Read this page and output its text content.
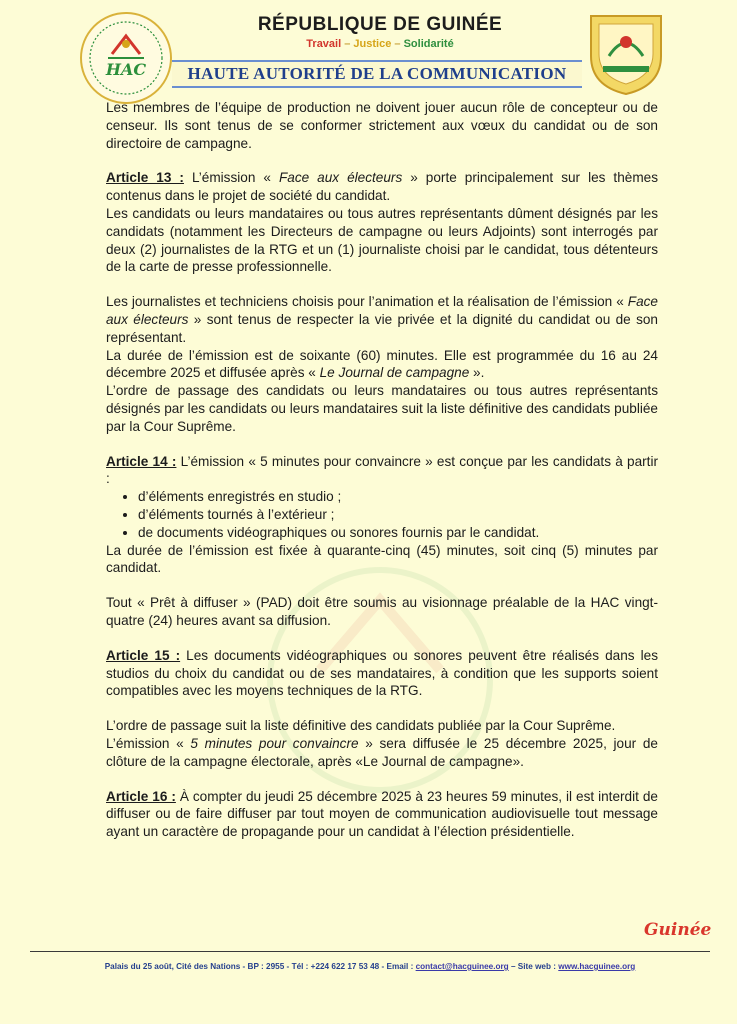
HAC
RÉPUBLIQUE DE GUINÉE
Travail – Justice – Solidarité
HAUTE AUTORITÉ DE LA COMMUNICATION

Les membres de l’équipe de production ne doivent jouer aucun rôle de concepteur ou de censeur. Ils sont tenus de se conformer strictement aux vœux du candidat ou de son directoire de campagne.

Article 13 : L’émission « Face aux électeurs » porte principalement sur les thèmes contenus dans le projet de société du candidat.

Les candidats ou leurs mandataires ou tous autres représentants dûment désignés par les candidats (notamment les Directeurs de campagne ou leurs Adjoints) sont interrogés par deux (2) journalistes de la RTG et un (1) journaliste choisi par le candidat, tous détenteurs de la carte de presse professionnelle.

Les journalistes et techniciens choisis pour l’animation et la réalisation de l’émission « Face aux électeurs » sont tenus de respecter la vie privée et la dignité du candidat ou de son représentant.

La durée de l’émission est de soixante (60) minutes. Elle est programmée du 16 au 24 décembre 2025 et diffusée après « Le Journal de campagne ».

L’ordre de passage des candidats ou leurs mandataires ou tous autres représentants désignés par les candidats ou leurs mandataires suit la liste définitive des candidats publiée par la Cour Suprême.

Article 14 : L’émission « 5 minutes pour convaincre » est conçue par les candidats à partir :

• d’éléments enregistrés en studio ;
• d’éléments tournés à l’extérieur ;
• de documents vidéographiques ou sonores fournis par le candidat.

La durée de l’émission est fixée à quarante-cinq (45) minutes, soit cinq (5) minutes par candidat.

Tout « Prêt à diffuser » (PAD) doit être soumis au visionnage préalable de la HAC vingt-quatre (24) heures avant sa diffusion.

Article 15 : Les documents vidéographiques ou sonores peuvent être réalisés dans les studios du choix du candidat ou de ses mandataires, à condition que les supports soient compatibles avec les moyens techniques de la RTG.

L’ordre de passage suit la liste définitive des candidats publiée par la Cour Suprême.

L’émission « 5 minutes pour convaincre » sera diffusée le 25 décembre 2025, jour de clôture de la campagne électorale, après «Le Journal de campagne».

Article 16 : À compter du jeudi 25 décembre 2025 à 23 heures 59 minutes, il est interdit de diffuser ou de faire diffuser par tout moyen de communication audiovisuelle tout message ayant un caractère de propagande pour un candidat à l’élection présidentielle.

Guinée
Palais du 25 août, Cité des Nations - BP : 2955 - Tél : +224 622 17 53 48 - Email : contact@hacguinee.org – Site web : www.hacguinee.org
